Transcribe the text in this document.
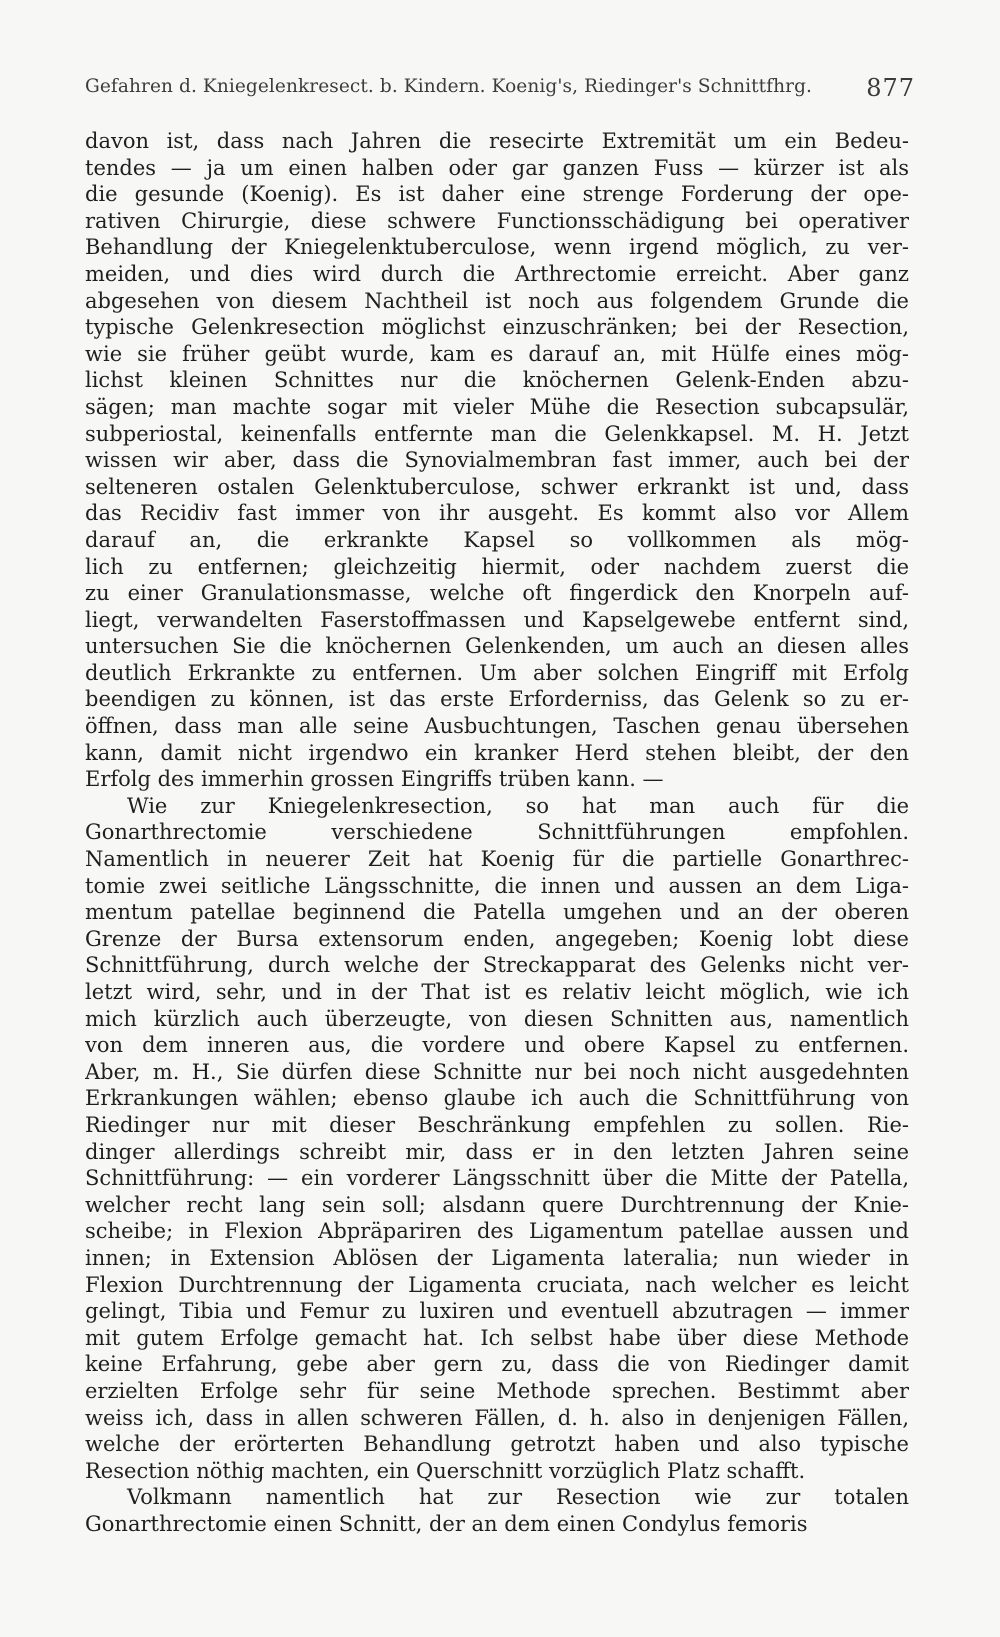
Gefahren d. Kniegelenkresect. b. Kindern. Koenig's, Riedinger's Schnittfhrg. 877
davon ist, dass nach Jahren die resecirte Extremität um ein Bedeu-
tendes — ja um einen halben oder gar ganzen Fuss — kürzer ist als
die gesunde (Koenig). Es ist daher eine strenge Forderung der ope-
rativen Chirurgie, diese schwere Functionsschädigung bei operativer
Behandlung der Kniegelenktuberculose, wenn irgend möglich, zu ver-
meiden, und dies wird durch die Arthrectomie erreicht. Aber ganz
abgesehen von diesem Nachtheil ist noch aus folgendem Grunde die
typische Gelenkresection möglichst einzuschränken; bei der Resection,
wie sie früher geübt wurde, kam es darauf an, mit Hülfe eines mög-
lichst kleinen Schnittes nur die knöchernen Gelenk-Enden abzu-
sägen; man machte sogar mit vieler Mühe die Resection subcapsulär,
subperiostal, keinenfalls entfernte man die Gelenkkapsel. M. H. Jetzt
wissen wir aber, dass die Synovialmembran fast immer, auch bei der
selteneren ostalen Gelenktuberculose, schwer erkrankt ist und, dass
das Recidiv fast immer von ihr ausgeht. Es kommt also vor Allem
darauf an, die erkrankte Kapsel so vollkommen als mög-
lich zu entfernen; gleichzeitig hiermit, oder nachdem zuerst die
zu einer Granulationsmasse, welche oft fingerdick den Knorpeln auf-
liegt, verwandelten Faserstoffmassen und Kapselgewebe entfernt sind,
untersuchen Sie die knöchernen Gelenkenden, um auch an diesen alles
deutlich Erkrankte zu entfernen. Um aber solchen Eingriff mit Erfolg
beendigen zu können, ist das erste Erforderniss, das Gelenk so zu er-
öffnen, dass man alle seine Ausbuchtungen, Taschen genau übersehen
kann, damit nicht irgendwo ein kranker Herd stehen bleibt, der den
Erfolg des immerhin grossen Eingriffs trüben kann. —
Wie zur Kniegelenkresection, so hat man auch für die
Gonarthrectomie verschiedene Schnittführungen empfohlen.
Namentlich in neuerer Zeit hat Koenig für die partielle Gonarthrec-
tomie zwei seitliche Längsschnitte, die innen und aussen an dem Liga-
mentum patellae beginnend die Patella umgehen und an der oberen
Grenze der Bursa extensorum enden, angegeben; Koenig lobt diese
Schnittführung, durch welche der Streckapparat des Gelenks nicht ver-
letzt wird, sehr, und in der That ist es relativ leicht möglich, wie ich
mich kürzlich auch überzeugte, von diesen Schnitten aus, namentlich
von dem inneren aus, die vordere und obere Kapsel zu entfernen.
Aber, m. H., Sie dürfen diese Schnitte nur bei noch nicht ausgedehnten
Erkrankungen wählen; ebenso glaube ich auch die Schnittführung von
Riedinger nur mit dieser Beschränkung empfehlen zu sollen. Rie-
dinger allerdings schreibt mir, dass er in den letzten Jahren seine
Schnittführung: — ein vorderer Längsschnitt über die Mitte der Patella,
welcher recht lang sein soll; alsdann quere Durchtrennung der Knie-
scheibe; in Flexion Abpräpariren des Ligamentum patellae aussen und
innen; in Extension Ablösen der Ligamenta lateralia; nun wieder in
Flexion Durchtrennung der Ligamenta cruciata, nach welcher es leicht
gelingt, Tibia und Femur zu luxiren und eventuell abzutragen — immer
mit gutem Erfolge gemacht hat. Ich selbst habe über diese Methode
keine Erfahrung, gebe aber gern zu, dass die von Riedinger damit
erzielten Erfolge sehr für seine Methode sprechen. Bestimmt aber
weiss ich, dass in allen schweren Fällen, d. h. also in denjenigen Fällen,
welche der erörterten Behandlung getrotzt haben und also typische
Resection nöthig machten, ein Querschnitt vorzüglich Platz schafft.
Volkmann namentlich hat zur Resection wie zur totalen
Gonarthrectomie einen Schnitt, der an dem einen Condylus femoris
